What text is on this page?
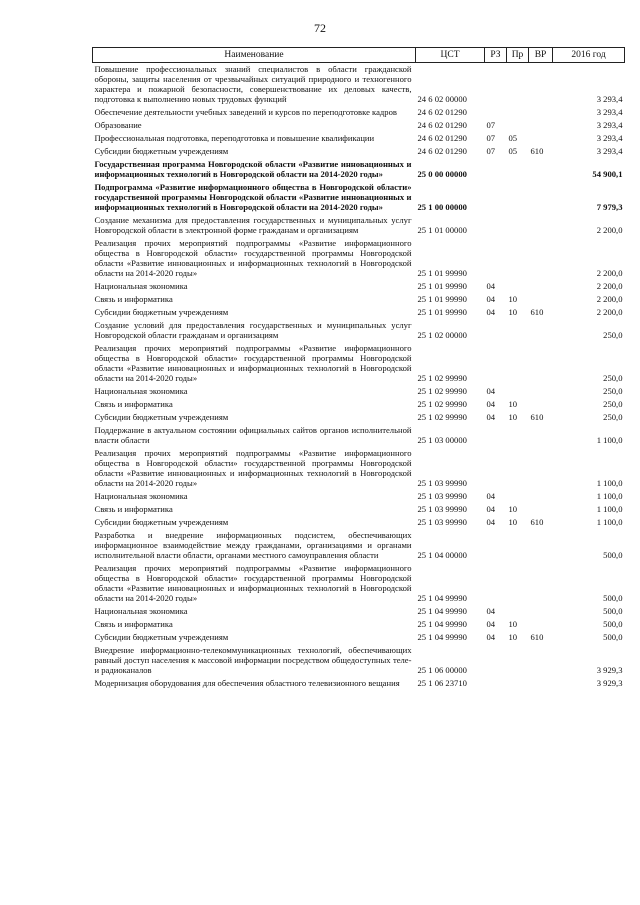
72
Наименование	ЦСТ	РЗ	Пр	ВР	2016 год
Повышение профессиональных знаний специалистов в области гражданской обороны, защиты населения от чрезвычайных ситуаций природного и техногенного характера и пожарной безопасности, совершенствование их деловых качеств, подготовка к выполнению новых трудовых функций	24 6 02 00000				3 293,4
Обеспечение деятельности учебных заведений и курсов по переподготовке кадров	24 6 02 01290				3 293,4
Образование	24 6 02 01290	07			3 293,4
Профессиональная подготовка, переподготовка и повышение квалификации	24 6 02 01290	07	05		3 293,4
Субсидии бюджетным учреждениям	24 6 02 01290	07	05	610	3 293,4
Государственная программа Новгородской области «Развитие инновационных и информационных технологий в Новгородской области на 2014-2020 годы»	25 0 00 00000				54 900,1
Подпрограмма «Развитие информационного общества в Новгородской области» государственной программы Новгородской области «Развитие инновационных и информационных технологий в Новгородской области на 2014-2020 годы»	25 1 00 00000				7 979,3
Создание механизма для предоставления государственных и муниципальных услуг Новгородской области в электронной форме гражданам и организациям	25 1 01 00000				2 200,0
Реализация прочих мероприятий подпрограммы «Развитие информационного общества в Новгородской области» государственной программы Новгородской области «Развитие инновационных и информационных технологий в Новгородской области на 2014-2020 годы»	25 1 01 99990				2 200,0
Национальная экономика	25 1 01 99990	04			2 200,0
Связь и информатика	25 1 01 99990	04	10		2 200,0
Субсидии бюджетным учреждениям	25 1 01 99990	04	10	610	2 200,0
Создание условий для предоставления государственных и муниципальных услуг Новгородской области гражданам и организациям	25 1 02 00000				250,0
Реализация прочих мероприятий подпрограммы «Развитие информационного общества в Новгородской области» государственной программы Новгородской области «Развитие инновационных и информационных технологий в Новгородской области на 2014-2020 годы»	25 1 02 99990				250,0
Национальная экономика	25 1 02 99990	04			250,0
Связь и информатика	25 1 02 99990	04	10		250,0
Субсидии бюджетным учреждениям	25 1 02 99990	04	10	610	250,0
Поддержание в актуальном состоянии официальных сайтов органов исполнительной власти области	25 1 03 00000				1 100,0
Реализация прочих мероприятий подпрограммы «Развитие информационного общества в Новгородской области» государственной программы Новгородской области «Развитие инновационных и информационных технологий в Новгородской области на 2014-2020 годы»	25 1 03 99990				1 100,0
Национальная экономика	25 1 03 99990	04			1 100,0
Связь и информатика	25 1 03 99990	04	10		1 100,0
Субсидии бюджетным учреждениям	25 1 03 99990	04	10	610	1 100,0
Разработка и внедрение информационных подсистем, обеспечивающих информационное взаимодействие между гражданами, организациями и органами исполнительной власти области, органами местного самоуправления области	25 1 04 00000				500,0
Реализация прочих мероприятий подпрограммы «Развитие информационного общества в Новгородской области» государственной программы Новгородской области «Развитие инновационных и информационных технологий в Новгородской области на 2014-2020 годы»	25 1 04 99990				500,0
Национальная экономика	25 1 04 99990	04			500,0
Связь и информатика	25 1 04 99990	04	10		500,0
Субсидии бюджетным учреждениям	25 1 04 99990	04	10	610	500,0
Внедрение информационно-телекоммуникационных технологий, обеспечивающих равный доступ населения к массовой информации посредством общедоступных теле- и радиоканалов	25 1 06 00000				3 929,3
Модернизация оборудования для обеспечения областного телевизионного вещания	25 1 06 23710				3 929,3
